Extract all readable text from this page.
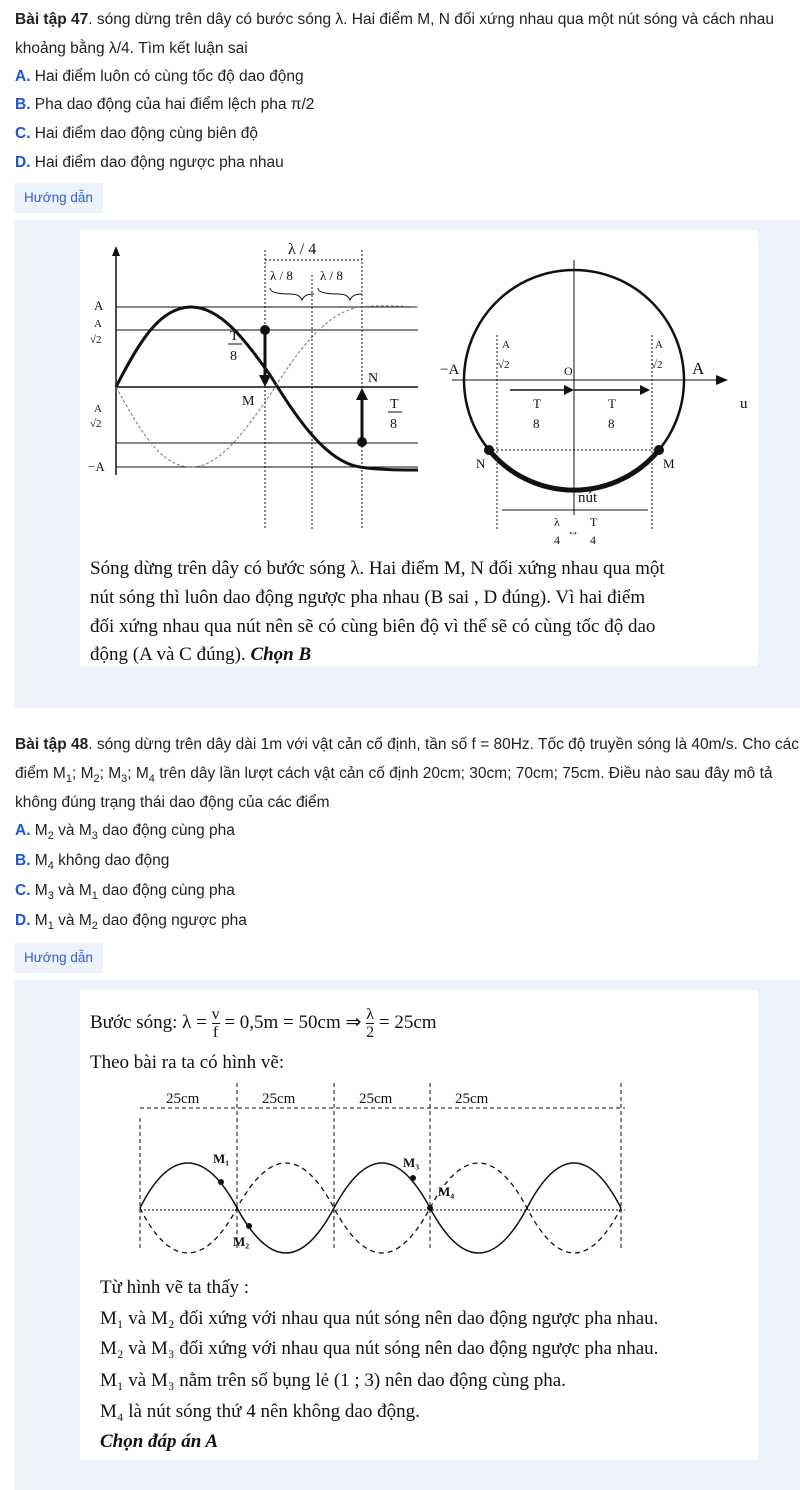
Bài tập 47. sóng dừng trên dây có bước sóng λ. Hai điểm M, N đối xứng nhau qua một nút sóng và cách nhau
khoảng bằng λ/4. Tìm kết luận sai
A. Hai điểm luôn có cùng tốc độ dao động
B. Pha dao động của hai điểm lệch pha π/2
C. Hai điểm dao động cùng biên độ
D. Hai điểm dao động ngược pha nhau
Hướng dẫn
λ / 4
λ / 8 λ / 8
A
A
√2
A
√2
−A
T
8
M
N
T
8
−A	A
O
u
A
√2
A
√2
T
8
T
8
N	M
nút
λ
4
↔
T
4
Sóng dừng trên dây có bước sóng λ. Hai điểm M, N đối xứng nhau qua một
nút sóng thì luôn dao động ngược pha nhau (B sai , D đúng). Vì hai điểm
đối xứng nhau qua nút nên sẽ có cùng biên độ vì thế sẽ có cùng tốc độ dao
động (A và C đúng). Chọn B
Bài tập 48. sóng dừng trên dây dài 1m với vật cản cố định, tần số f = 80Hz. Tốc độ truyền sóng là 40m/s. Cho các
điểm $M_1$; $M_2$; $M_3$; $M_4$ trên dây lần lượt cách vật cản cố định 20cm; 30cm; 70cm; 75cm. Điều nào sau đây mô tả
không đúng trạng thái dao động của các điểm
A. $M_2$ và $M_3$ dao động cùng pha
B. $M_4$ không dao động
C. $M_3$ và $M_1$ dao động cùng pha
D. $M_1$ và $M_2$ dao động ngược pha
Hướng dẫn
Bước sóng: $\lambda = \frac{v}{f} = 0,5m = 50cm$ ⇒ $\frac{\lambda}{2} = 25cm$
Theo bài ra ta có hình vẽ:
25cm	25cm	25cm	25cm
M₁
M₂
M₃
M₄
Từ hình vẽ ta thấy :
M₁ và M₂ đối xứng với nhau qua nút sóng nên dao động ngược pha nhau.
M₂ và M₃ đối xứng với nhau qua nút sóng nên dao động ngược pha nhau.
M₁ và M₃ nằm trên số bụng lẻ (1 ; 3) nên dao động cùng pha.
M₄ là nút sóng thứ 4 nên không dao động.
Chọn đáp án A
